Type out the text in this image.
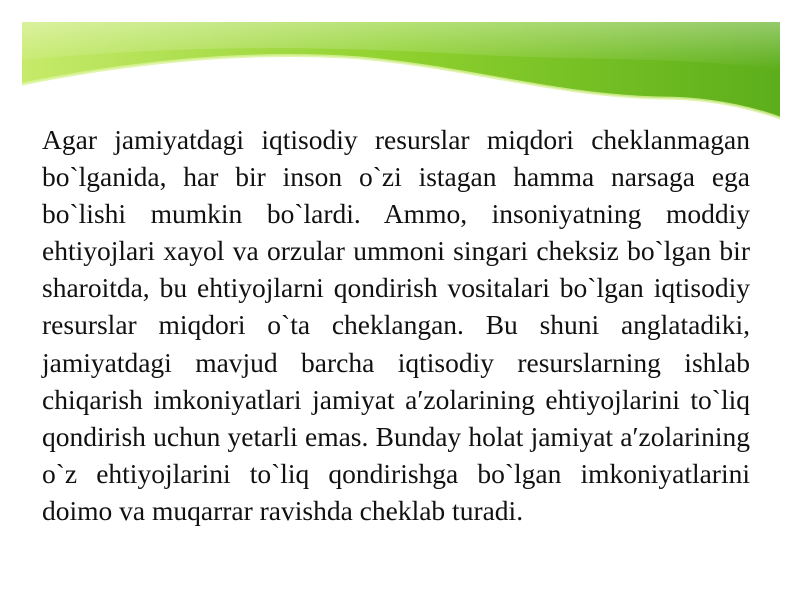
Agar jamiyatdagi iqtisodiy resurslar miqdori cheklanmagan bo`lganida, har bir inson o`zi istagan hamma narsaga ega bo`lishi mumkin bo`lardi. Ammo, insoniyatning moddiy ehtiyojlari xayol va orzular ummoni singari cheksiz bo`lgan bir sharoitda, bu ehtiyojlarni qondirish vositalari bo`lgan iqtisodiy resurslar miqdori o`ta cheklangan. Bu shuni anglatadiki, jamiyatdagi mavjud barcha iqtisodiy resurslarning ishlab chiqarish imkoniyatlari jamiyat a′zolarining ehtiyojlarini to`liq qondirish uchun yetarli emas. Bunday holat jamiyat a′zolarining o`z ehtiyojlarini to`liq qondirishga bo`lgan imkoniyatlarini doimo va muqarrar ravishda cheklab turadi.
